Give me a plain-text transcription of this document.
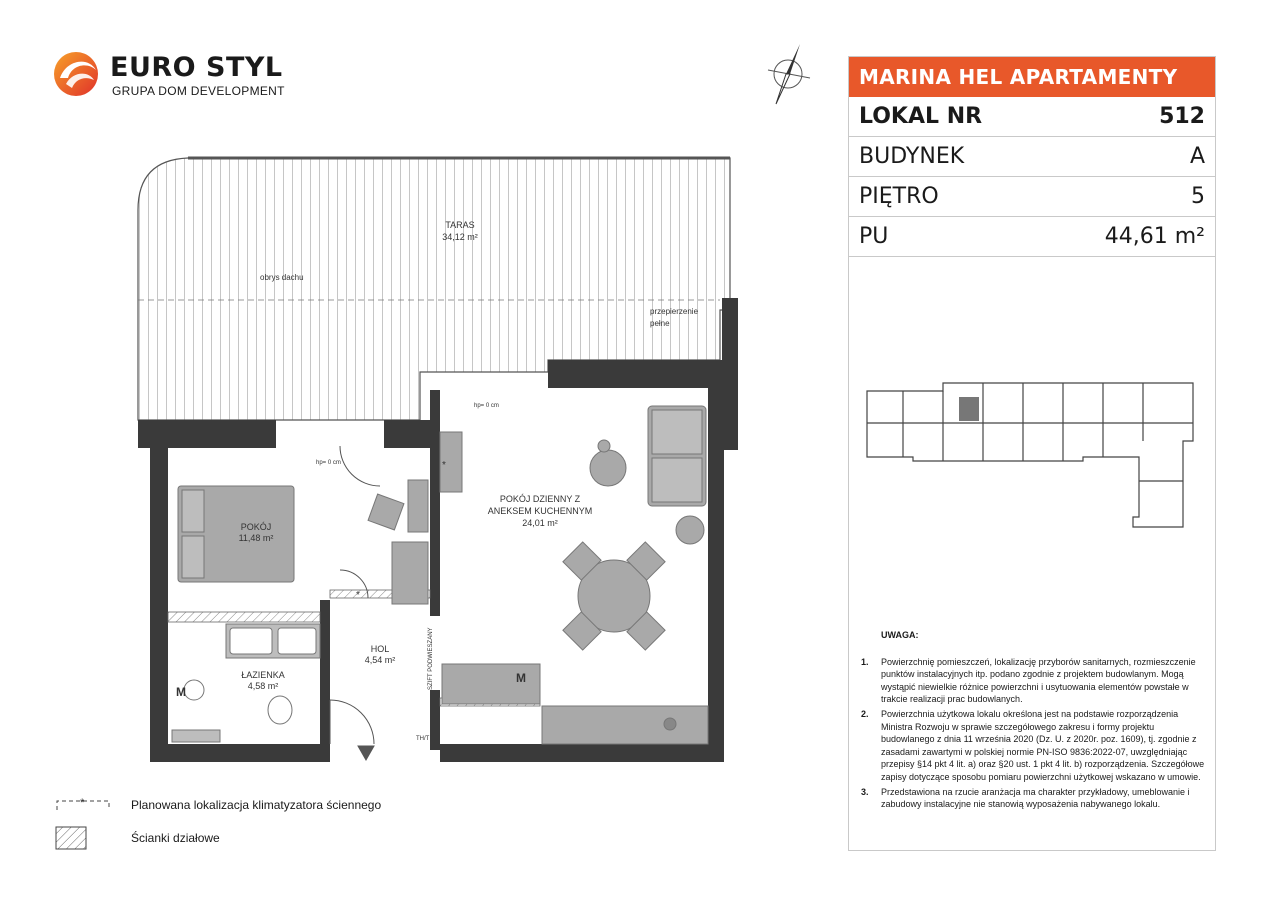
EURO STYL
GRUPA DOM DEVELOPMENT
TARAS
34,12 m²
obrys dachu
przepierzenie
pełne
POKÓJ
11,48 m²
POKÓJ DZIENNY Z
ANEKSEM KUCHENNYM
24,01 m²
ŁAZIENKA
4,58 m²
HOL
4,54 m²
hp= 0 cm
hp= 0 cm
SZIFT PODWIESZANY
TH/T
M
M
*
*
*	Planowana lokalizacja klimatyzatora ściennego
Ścianki działowe
MARINA HEL APARTAMENTY
LOKAL NR	512
BUDYNEK	A
PIĘTRO	5
PU	44,61 m²
UWAGA:
1. Powierzchnię pomieszczeń, lokalizację przyborów sanitarnych, rozmieszczenie punktów instalacyjnych itp. podano zgodnie z projektem budowlanym. Mogą wystąpić niewielkie różnice powierzchni i usytuowania elementów powstałe w trakcie realizacji prac budowlanych.
2. Powierzchnia użytkowa lokalu określona jest na podstawie rozporządzenia Ministra Rozwoju w sprawie szczegółowego zakresu i formy projektu budowlanego z dnia 11 września 2020 (Dz. U. z 2020r. poz. 1609), tj. zgodnie z zasadami zawartymi w polskiej normie PN-ISO 9836:2022-07, uwzględniając przepisy §14 pkt 4 lit. a) oraz §20 ust. 1 pkt 4 lit. b) rozporządzenia. Szczegółowe zapisy dotyczące sposobu pomiaru powierzchni użytkowej wskazano w umowie.
3. Przedstawiona na rzucie aranżacja ma charakter przykładowy, umeblowanie i zabudowy instalacyjne nie stanowią wyposażenia nabywanego lokalu.
